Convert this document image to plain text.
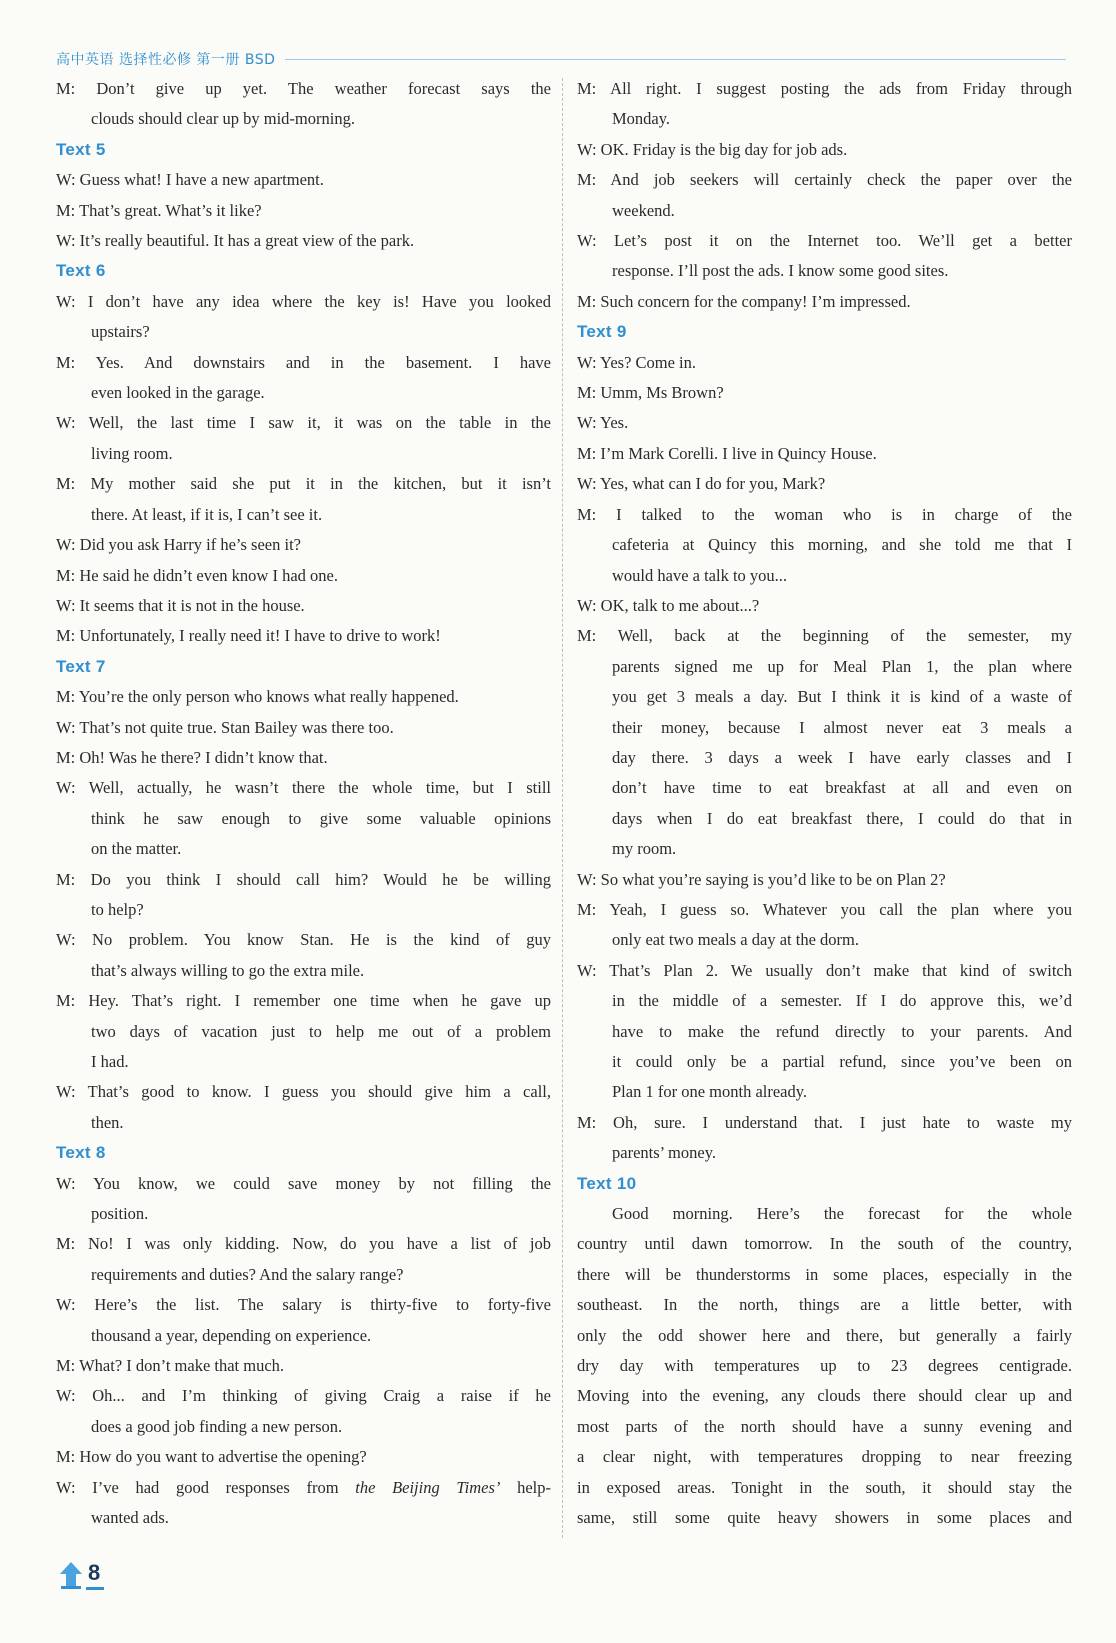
高中英语 选择性必修 第一册 BSD
M: Don’t give up yet. The weather forecast says the
clouds should clear up by mid-morning.
Text 5
W: Guess what! I have a new apartment.
M: That’s great. What’s it like?
W: It’s really beautiful. It has a great view of the park.
Text 6
W: I don’t have any idea where the key is! Have you looked
upstairs?
M: Yes. And downstairs and in the basement. I have
even looked in the garage.
W: Well, the last time I saw it, it was on the table in the
living room.
M: My mother said she put it in the kitchen, but it isn’t
there. At least, if it is, I can’t see it.
W: Did you ask Harry if he’s seen it?
M: He said he didn’t even know I had one.
W: It seems that it is not in the house.
M: Unfortunately, I really need it! I have to drive to work!
Text 7
M: You’re the only person who knows what really happened.
W: That’s not quite true. Stan Bailey was there too.
M: Oh! Was he there? I didn’t know that.
W: Well, actually, he wasn’t there the whole time, but I still
think he saw enough to give some valuable opinions
on the matter.
M: Do you think I should call him? Would he be willing
to help?
W: No problem. You know Stan. He is the kind of guy
that’s always willing to go the extra mile.
M: Hey. That’s right. I remember one time when he gave up
two days of vacation just to help me out of a problem
I had.
W: That’s good to know. I guess you should give him a call,
then.
Text 8
W: You know, we could save money by not filling the
position.
M: No! I was only kidding. Now, do you have a list of job
requirements and duties? And the salary range?
W: Here’s the list. The salary is thirty-five to forty-five
thousand a year, depending on experience.
M: What? I don’t make that much.
W: Oh... and I’m thinking of giving Craig a raise if he
does a good job finding a new person.
M: How do you want to advertise the opening?
W: I’ve had good responses from the Beijing Times’ help-
wanted ads.
M: All right. I suggest posting the ads from Friday through
Monday.
W: OK. Friday is the big day for job ads.
M: And job seekers will certainly check the paper over the
weekend.
W: Let’s post it on the Internet too. We’ll get a better
response. I’ll post the ads. I know some good sites.
M: Such concern for the company! I’m impressed.
Text 9
W: Yes? Come in.
M: Umm, Ms Brown?
W: Yes.
M: I’m Mark Corelli. I live in Quincy House.
W: Yes, what can I do for you, Mark?
M: I talked to the woman who is in charge of the
cafeteria at Quincy this morning, and she told me that I
would have a talk to you...
W: OK, talk to me about...?
M: Well, back at the beginning of the semester, my
parents signed me up for Meal Plan 1, the plan where
you get 3 meals a day. But I think it is kind of a waste of
their money, because I almost never eat 3 meals a
day there. 3 days a week I have early classes and I
don’t have time to eat breakfast at all and even on
days when I do eat breakfast there, I could do that in
my room.
W: So what you’re saying is you’d like to be on Plan 2?
M: Yeah, I guess so. Whatever you call the plan where you
only eat two meals a day at the dorm.
W: That’s Plan 2. We usually don’t make that kind of switch
in the middle of a semester. If I do approve this, we’d
have to make the refund directly to your parents. And
it could only be a partial refund, since you’ve been on
Plan 1 for one month already.
M: Oh, sure. I understand that. I just hate to waste my
parents’ money.
Text 10
Good morning. Here’s the forecast for the whole
country until dawn tomorrow. In the south of the country,
there will be thunderstorms in some places, especially in the
southeast. In the north, things are a little better, with
only the odd shower here and there, but generally a fairly
dry day with temperatures up to 23 degrees centigrade.
Moving into the evening, any clouds there should clear up and
most parts of the north should have a sunny evening and
a clear night, with temperatures dropping to near freezing
in exposed areas. Tonight in the south, it should stay the
same, still some quite heavy showers in some places and
8
